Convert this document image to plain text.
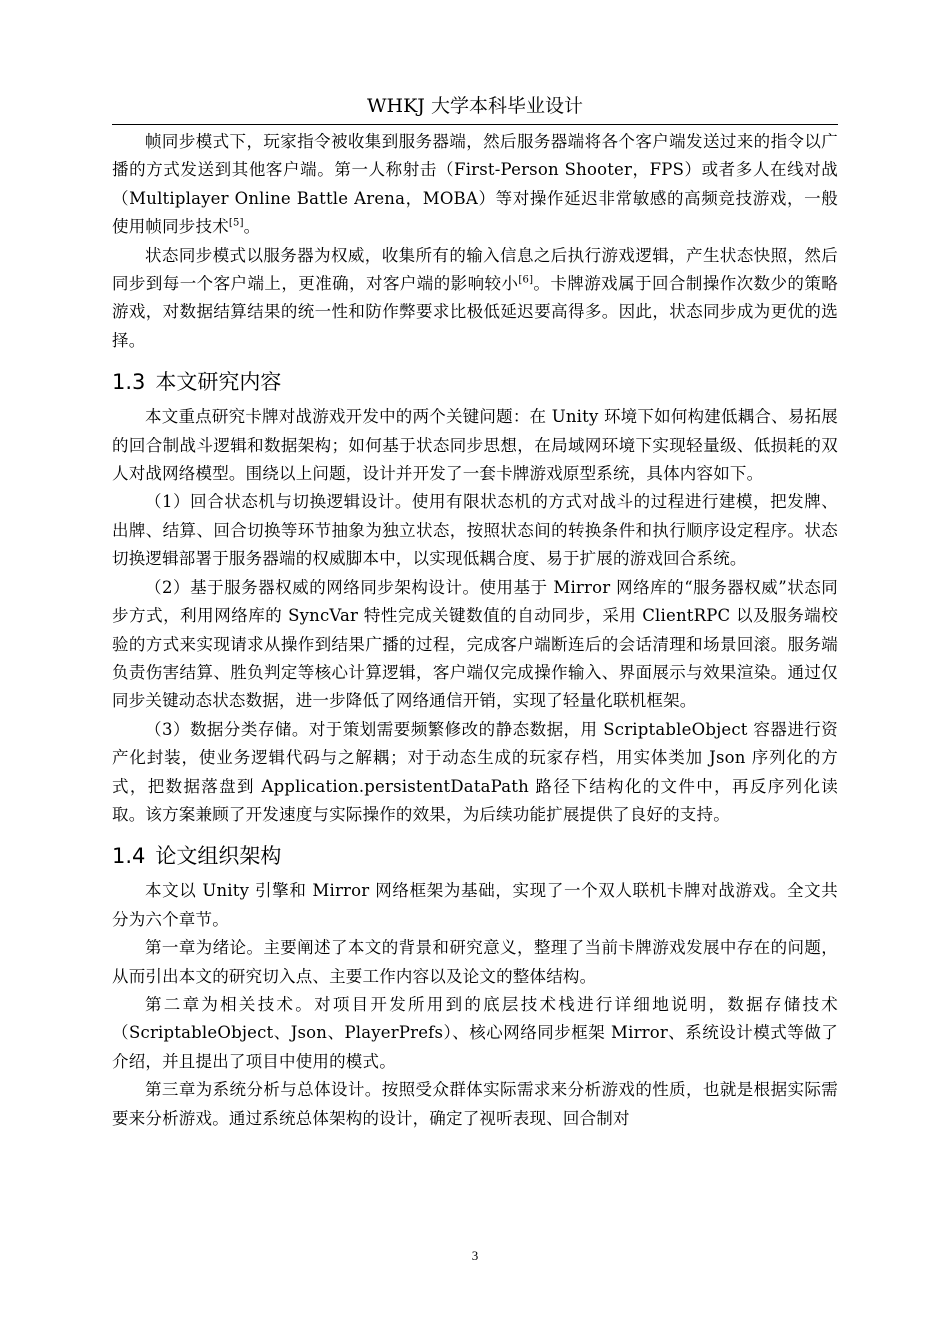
WHKJ 大学本科毕业设计

帧同步模式下，玩家指令被收集到服务器端，然后服务器端将各个客户端发送过来的指令以广播的方式发送到其他客户端。第一人称射击（First-Person Shooter，FPS）或者多人在线对战（Multiplayer Online Battle Arena，MOBA）等对操作延迟非常敏感的高频竞技游戏，一般使用帧同步技术[5]。

状态同步模式以服务器为权威，收集所有的输入信息之后执行游戏逻辑，产生状态快照，然后同步到每一个客户端上，更准确，对客户端的影响较小[6]。卡牌游戏属于回合制操作次数少的策略游戏，对数据结算结果的统一性和防作弊要求比极低延迟要高得多。因此，状态同步成为更优的选择。

1.3 本文研究内容

本文重点研究卡牌对战游戏开发中的两个关键问题：在 Unity 环境下如何构建低耦合、易拓展的回合制战斗逻辑和数据架构；如何基于状态同步思想，在局域网环境下实现轻量级、低损耗的双人对战网络模型。围绕以上问题，设计并开发了一套卡牌游戏原型系统，具体内容如下。

（1）回合状态机与切换逻辑设计。使用有限状态机的方式对战斗的过程进行建模，把发牌、出牌、结算、回合切换等环节抽象为独立状态，按照状态间的转换条件和执行顺序设定程序。状态切换逻辑部署于服务器端的权威脚本中，以实现低耦合度、易于扩展的游戏回合系统。

（2）基于服务器权威的网络同步架构设计。使用基于 Mirror 网络库的“服务器权威”状态同步方式，利用网络库的 SyncVar 特性完成关键数值的自动同步，采用 ClientRPC 以及服务端校验的方式来实现请求从操作到结果广播的过程，完成客户端断连后的会话清理和场景回滚。服务端负责伤害结算、胜负判定等核心计算逻辑，客户端仅完成操作输入、界面展示与效果渲染。通过仅同步关键动态状态数据，进一步降低了网络通信开销，实现了轻量化联机框架。

（3）数据分类存储。对于策划需要频繁修改的静态数据，用 ScriptableObject 容器进行资产化封装，使业务逻辑代码与之解耦；对于动态生成的玩家存档，用实体类加 Json 序列化的方式，把数据落盘到 Application.persistentDataPath 路径下结构化的文件中，再反序列化读取。该方案兼顾了开发速度与实际操作的效果，为后续功能扩展提供了良好的支持。

1.4 论文组织架构

本文以 Unity 引擎和 Mirror 网络框架为基础，实现了一个双人联机卡牌对战游戏。全文共分为六个章节。

第一章为绪论。主要阐述了本文的背景和研究意义，整理了当前卡牌游戏发展中存在的问题，从而引出本文的研究切入点、主要工作内容以及论文的整体结构。

第二章为相关技术。对项目开发所用到的底层技术栈进行详细地说明，数据存储技术（ScriptableObject、Json、PlayerPrefs）、核心网络同步框架 Mirror、系统设计模式等做了介绍，并且提出了项目中使用的模式。

第三章为系统分析与总体设计。按照受众群体实际需求来分析游戏的性质，也就是根据实际需要来分析游戏。通过系统总体架构的设计，确定了视听表现、回合制对

3
